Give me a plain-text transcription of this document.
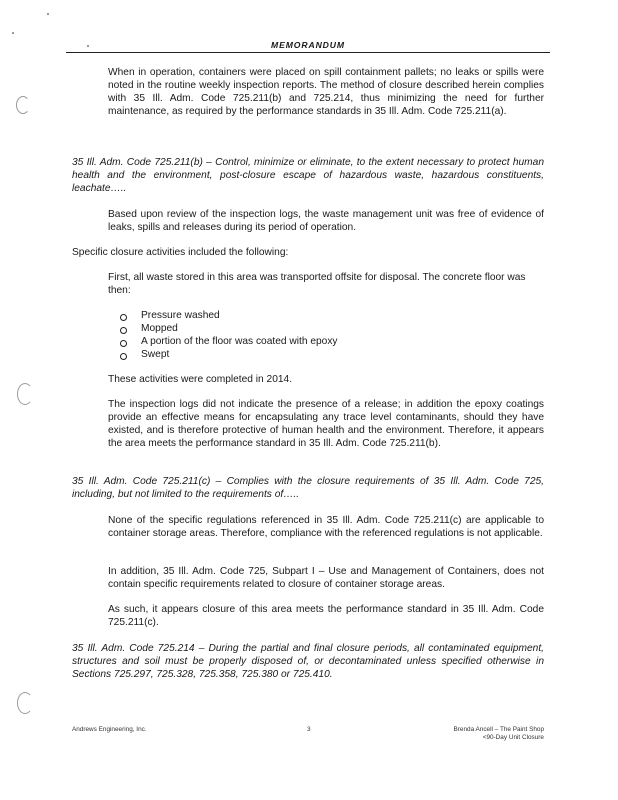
MEMORANDUM
When in operation, containers were placed on spill containment pallets; no leaks or spills were noted in the routine weekly inspection reports. The method of closure described herein complies with 35 Ill. Adm. Code 725.211(b) and 725.214, thus minimizing the need for further maintenance, as required by the performance standards in 35 Ill. Adm. Code 725.211(a).
35 Ill. Adm. Code 725.211(b) – Control, minimize or eliminate, to the extent necessary to protect human health and the environment, post-closure escape of hazardous waste, hazardous constituents, leachate…..
Based upon review of the inspection logs, the waste management unit was free of evidence of leaks, spills and releases during its period of operation.
Specific closure activities included the following:
First, all waste stored in this area was transported offsite for disposal. The concrete floor was then:
Pressure washed
Mopped
A portion of the floor was coated with epoxy
Swept
These activities were completed in 2014.
The inspection logs did not indicate the presence of a release; in addition the epoxy coatings provide an effective means for encapsulating any trace level contaminants, should they have existed, and is therefore protective of human health and the environment. Therefore, it appears the area meets the performance standard in 35 Ill. Adm. Code 725.211(b).
35 Ill. Adm. Code 725.211(c) – Complies with the closure requirements of 35 Ill. Adm. Code 725, including, but not limited to the requirements of…..
None of the specific regulations referenced in 35 Ill. Adm. Code 725.211(c) are applicable to container storage areas. Therefore, compliance with the referenced regulations is not applicable.
In addition, 35 Ill. Adm. Code 725, Subpart I – Use and Management of Containers, does not contain specific requirements related to closure of container storage areas.
As such, it appears closure of this area meets the performance standard in 35 Ill. Adm. Code 725.211(c).
35 Ill. Adm. Code 725.214 – During the partial and final closure periods, all contaminated equipment, structures and soil must be properly disposed of, or decontaminated unless specified otherwise in Sections 725.297, 725.328, 725.358, 725.380 or 725.410.
Andrews Engineering, Inc.	3	Brenda Ancell – The Paint Shop
<90-Day Unit Closure
